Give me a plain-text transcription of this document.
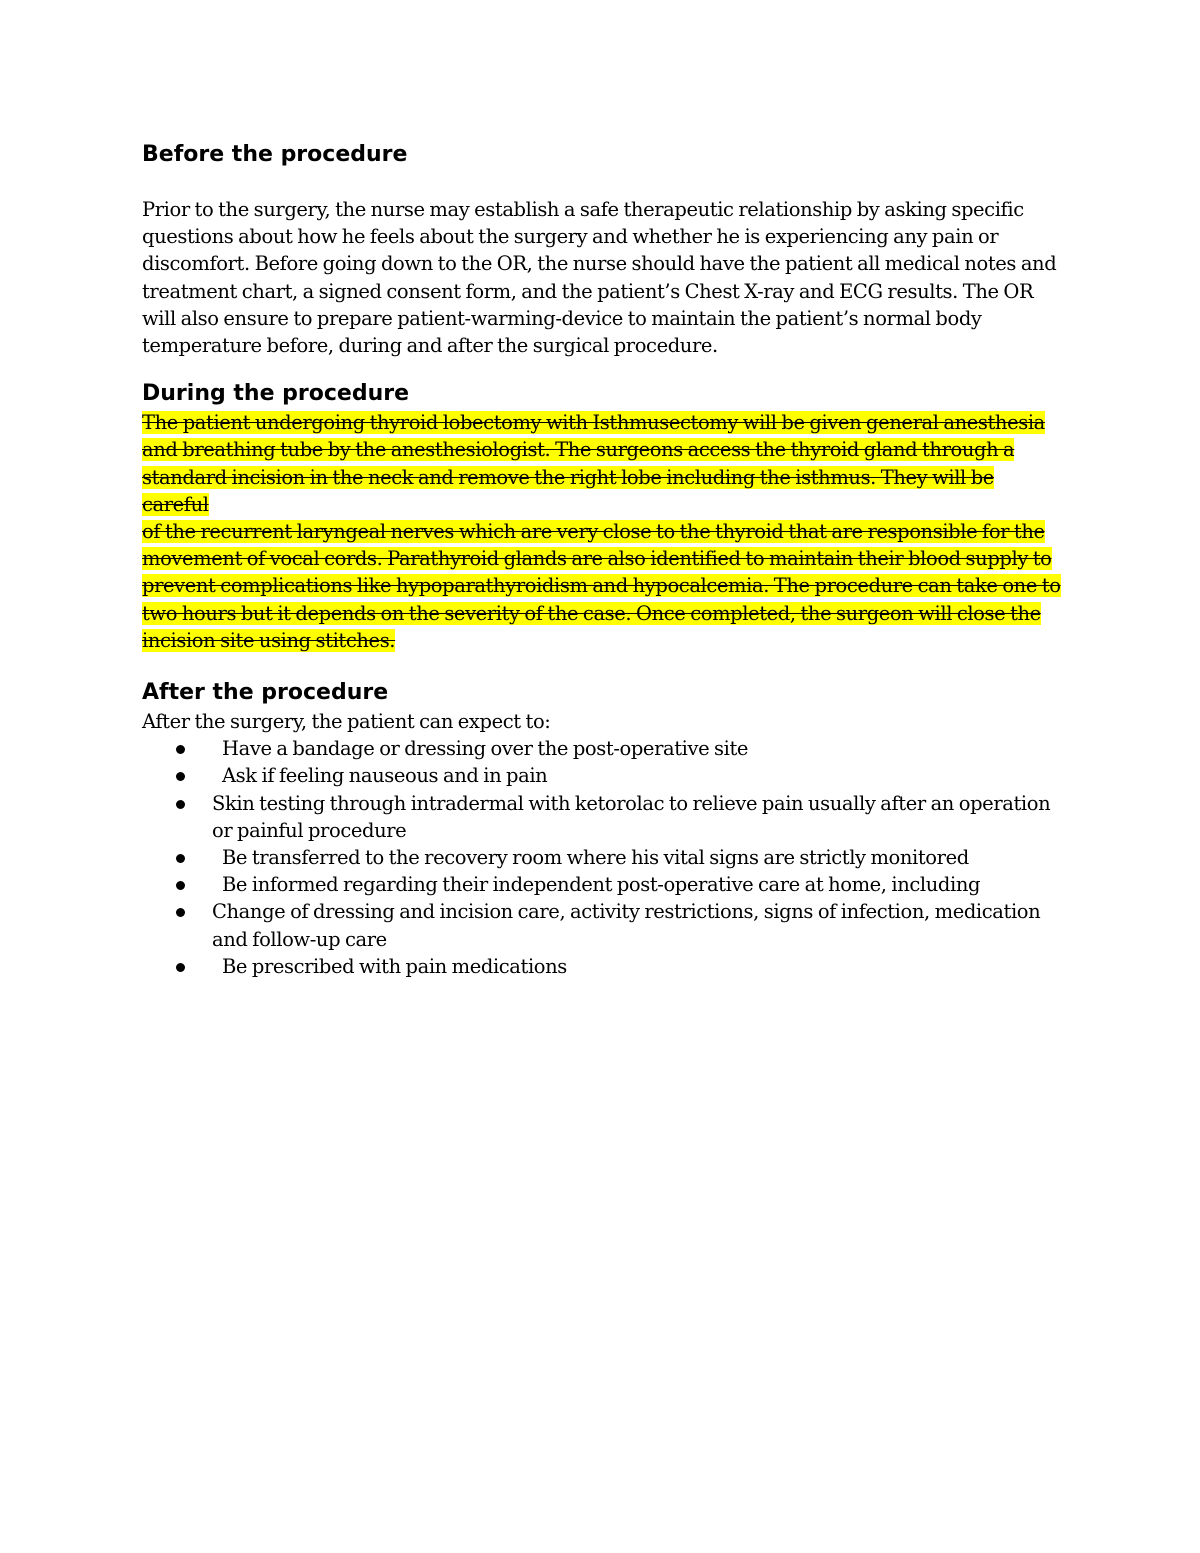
Before the procedure

Prior to the surgery, the nurse may establish a safe therapeutic relationship by asking specific questions about how he feels about the surgery and whether he is experiencing any pain or discomfort. Before going down to the OR, the nurse should have the patient all medical notes and treatment chart, a signed consent form, and the patient’s Chest X-ray and ECG results. The OR will also ensure to prepare patient-warming-device to maintain the patient’s normal body temperature before, during and after the surgical procedure.

During the procedure

The patient undergoing thyroid lobectomy with Isthmusectomy will be given general anesthesia and breathing tube by the anesthesiologist. The surgeons access the thyroid gland through a standard incision in the neck and remove the right lobe including the isthmus. They will be careful

of the recurrent laryngeal nerves which are very close to the thyroid that are responsible for the movement of vocal cords. Parathyroid glands are also identified to maintain their blood supply to prevent complications like hypoparathyroidism and hypocalcemia. The procedure can take one to two hours but it depends on the severity of the case. Once completed, the surgeon will close the incision site using stitches.

After the procedure

After the surgery, the patient can expect to:

Have a bandage or dressing over the post-operative site
Ask if feeling nauseous and in pain
Skin testing through intradermal with ketorolac to relieve pain usually after an operation or painful procedure
Be transferred to the recovery room where his vital signs are strictly monitored
Be informed regarding their independent post-operative care at home, including
Change of dressing and incision care, activity restrictions, signs of infection, medication and follow-up care
Be prescribed with pain medications
